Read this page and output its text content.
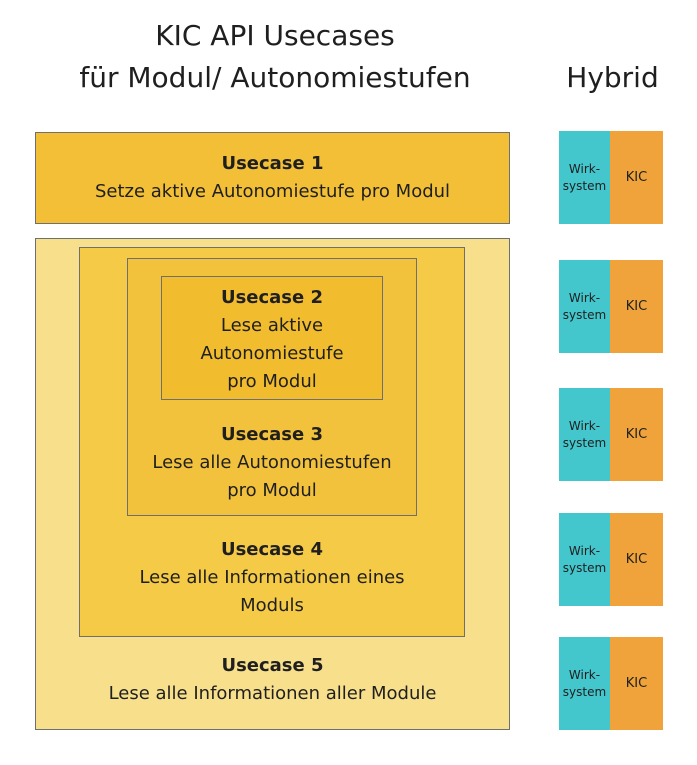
KIC API Usecases
für Modul/ Autonomiestufen	Hybrid
Usecase 1
Setze aktive Autonomiestufe pro Modul
Usecase 2
Lese aktive
Autonomiestufe
pro Modul
Usecase 3
Lese alle Autonomiestufen
pro Modul
Usecase 4
Lese alle Informationen eines
Moduls
Usecase 5
Lese alle Informationen aller Module
Wirk-
system
KIC
Wirk-
system
KIC
Wirk-
system
KIC
Wirk-
system
KIC
Wirk-
system
KIC
